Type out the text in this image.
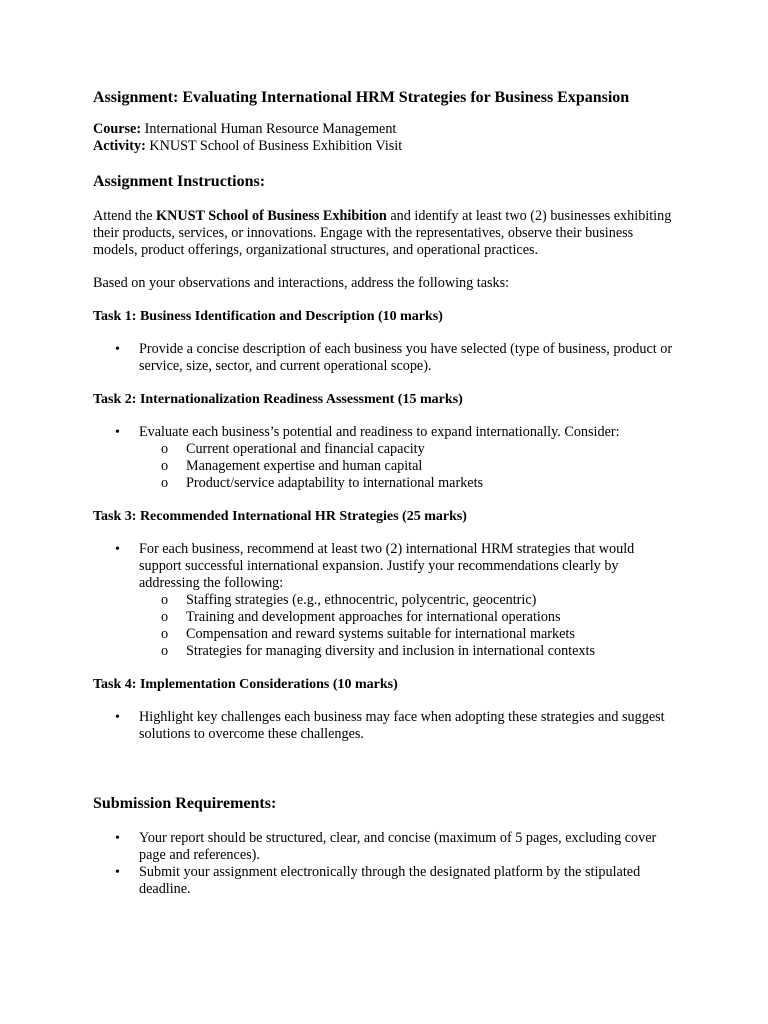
Assignment: Evaluating International HRM Strategies for Business Expansion

Course: International Human Resource Management

Activity: KNUST School of Business Exhibition Visit

Assignment Instructions:

Attend the KNUST School of Business Exhibition and identify at least two (2) businesses exhibiting their products, services, or innovations. Engage with the representatives, observe their business models, product offerings, organizational structures, and operational practices.

Based on your observations and interactions, address the following tasks:

Task 1: Business Identification and Description (10 marks)
• Provide a concise description of each business you have selected (type of business, product or service, size, sector, and current operational scope).
Task 2: Internationalization Readiness Assessment (15 marks)
• Evaluate each business’s potential and readiness to expand internationally. Consider:
o Current operational and financial capacity
o Management expertise and human capital
o Product/service adaptability to international markets
Task 3: Recommended International HR Strategies (25 marks)
• For each business, recommend at least two (2) international HRM strategies that would support successful international expansion. Justify your recommendations clearly by addressing the following:
o Staffing strategies (e.g., ethnocentric, polycentric, geocentric)
o Training and development approaches for international operations
o Compensation and reward systems suitable for international markets
o Strategies for managing diversity and inclusion in international contexts
Task 4: Implementation Considerations (10 marks)
• Highlight key challenges each business may face when adopting these strategies and suggest solutions to overcome these challenges.
Submission Requirements:
• Your report should be structured, clear, and concise (maximum of 5 pages, excluding cover page and references).
• Submit your assignment electronically through the designated platform by the stipulated deadline.
